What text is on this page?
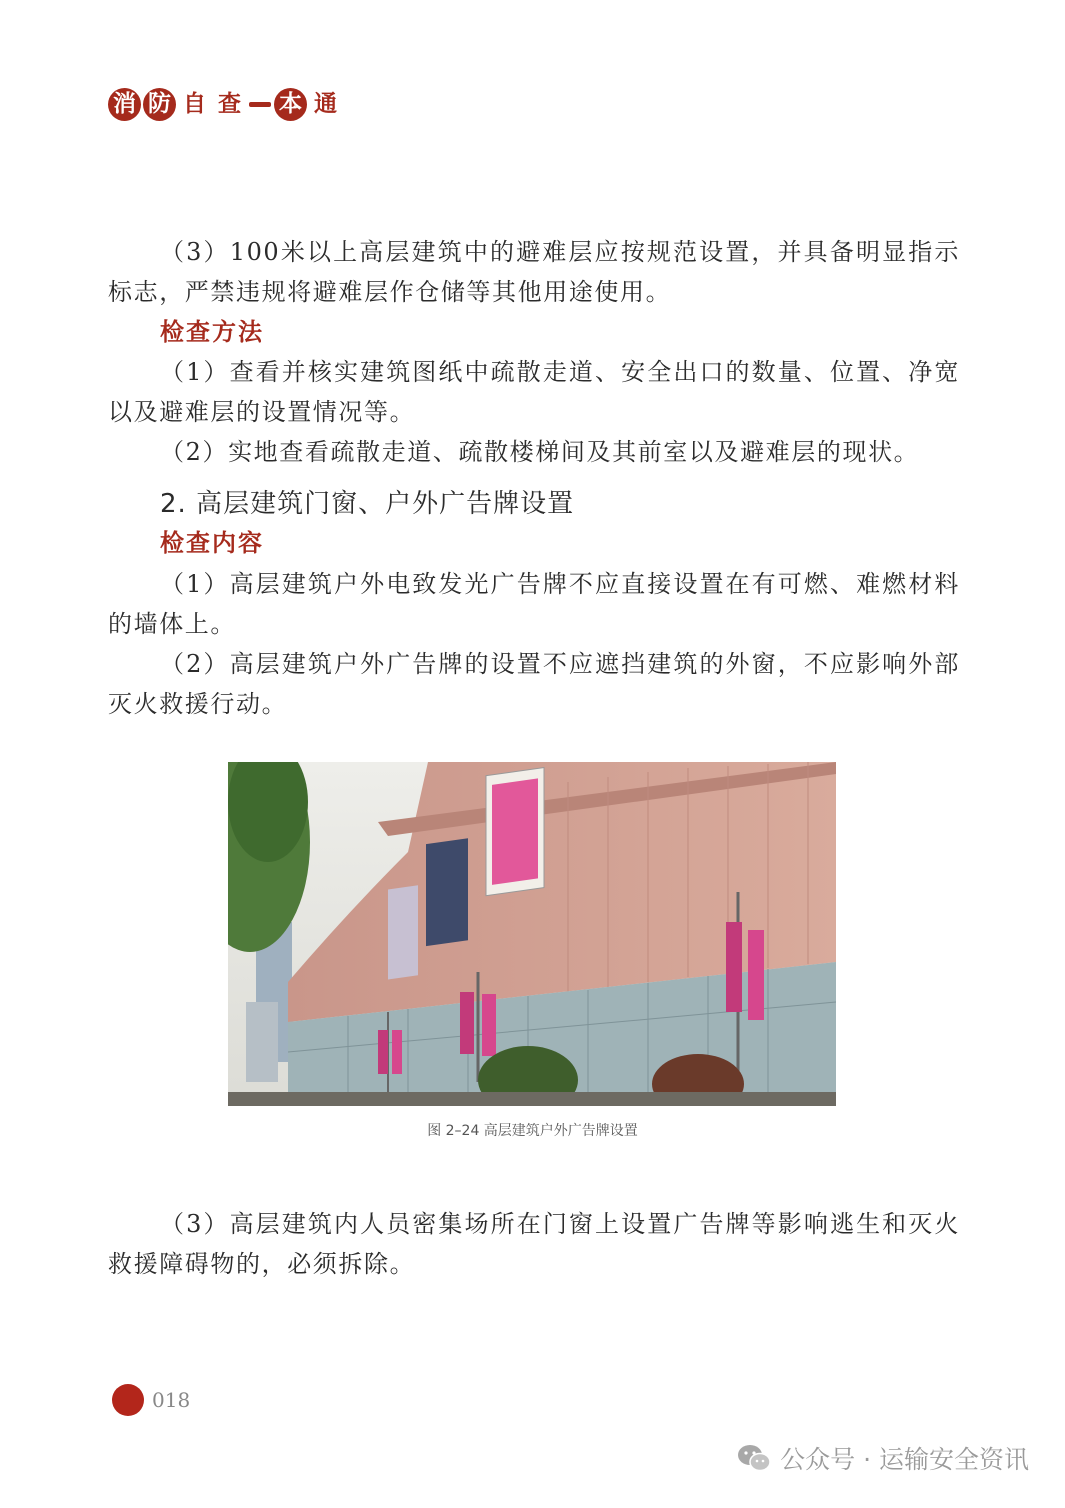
消 防 自 查 本 通

（3）100米以上高层建筑中的避难层应按规范设置，并具备明显指示标志，严禁违规将避难层作仓储等其他用途使用。

检查方法

（1）查看并核实建筑图纸中疏散走道、安全出口的数量、位置、净宽以及避难层的设置情况等。

（2）实地查看疏散走道、疏散楼梯间及其前室以及避难层的现状。

2. 高层建筑门窗、户外广告牌设置
检查内容

（1）高层建筑户外电致发光广告牌不应直接设置在有可燃、难燃材料的墙体上。

（2）高层建筑户外广告牌的设置不应遮挡建筑的外窗，不应影响外部灭火救援行动。

图 2–24 高层建筑户外广告牌设置

（3）高层建筑内人员密集场所在门窗上设置广告牌等影响逃生和灭火救援障碍物的，必须拆除。

018
公众号 · 运输安全资讯
